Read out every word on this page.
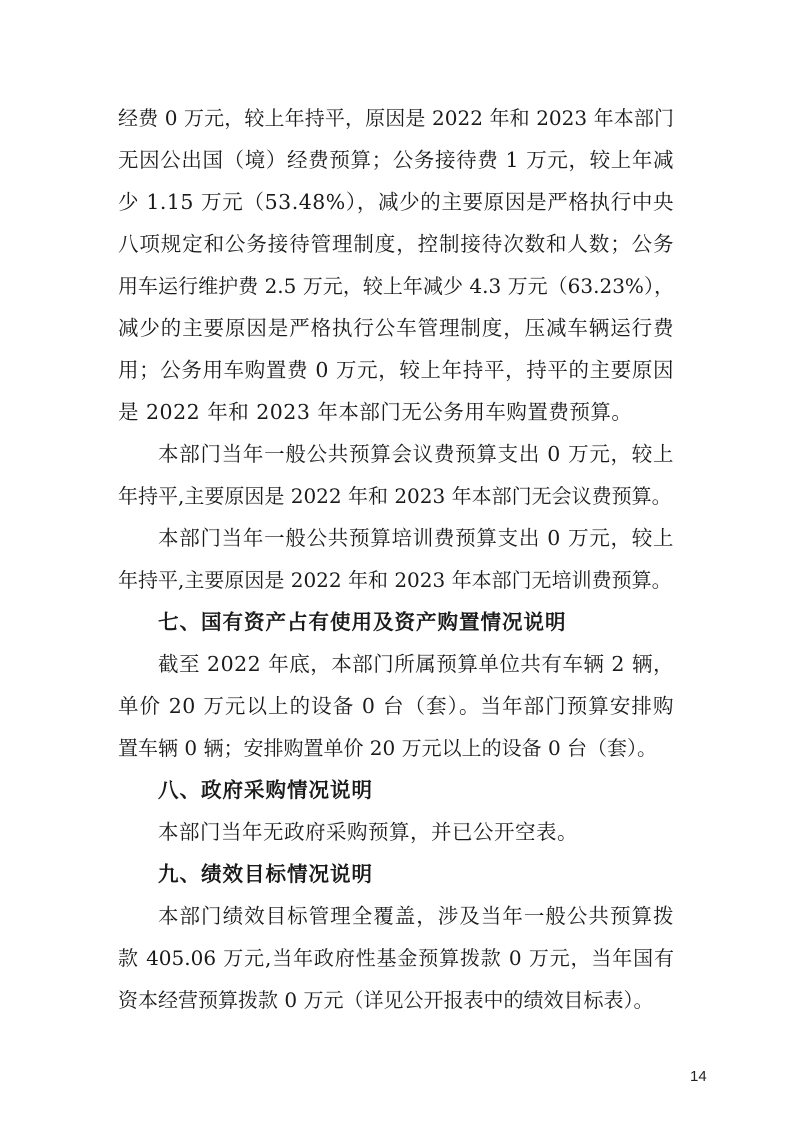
经费 0 万元，较上年持平，原因是 2022 年和 2023 年本部门
无因公出国（境）经费预算；公务接待费 1 万元，较上年减
少 1.15 万元（53.48%），减少的主要原因是严格执行中央
八项规定和公务接待管理制度，控制接待次数和人数；公务
用车运行维护费 2.5 万元，较上年减少 4.3 万元（63.23%），
减少的主要原因是严格执行公车管理制度，压减车辆运行费
用；公务用车购置费 0 万元，较上年持平，持平的主要原因
是 2022 年和 2023 年本部门无公务用车购置费预算。
本部门当年一般公共预算会议费预算支出 0 万元，较上
年持平,主要原因是 2022 年和 2023 年本部门无会议费预算。
本部门当年一般公共预算培训费预算支出 0 万元，较上
年持平,主要原因是 2022 年和 2023 年本部门无培训费预算。
七、国有资产占有使用及资产购置情况说明
截至 2022 年底，本部门所属预算单位共有车辆 2 辆，
单价 20 万元以上的设备 0 台（套）。当年部门预算安排购
置车辆 0 辆；安排购置单价 20 万元以上的设备 0 台（套）。
八、政府采购情况说明
本部门当年无政府采购预算，并已公开空表。
九、绩效目标情况说明
本部门绩效目标管理全覆盖，涉及当年一般公共预算拨
款 405.06 万元,当年政府性基金预算拨款 0 万元，当年国有
资本经营预算拨款 0 万元（详见公开报表中的绩效目标表）。
14
